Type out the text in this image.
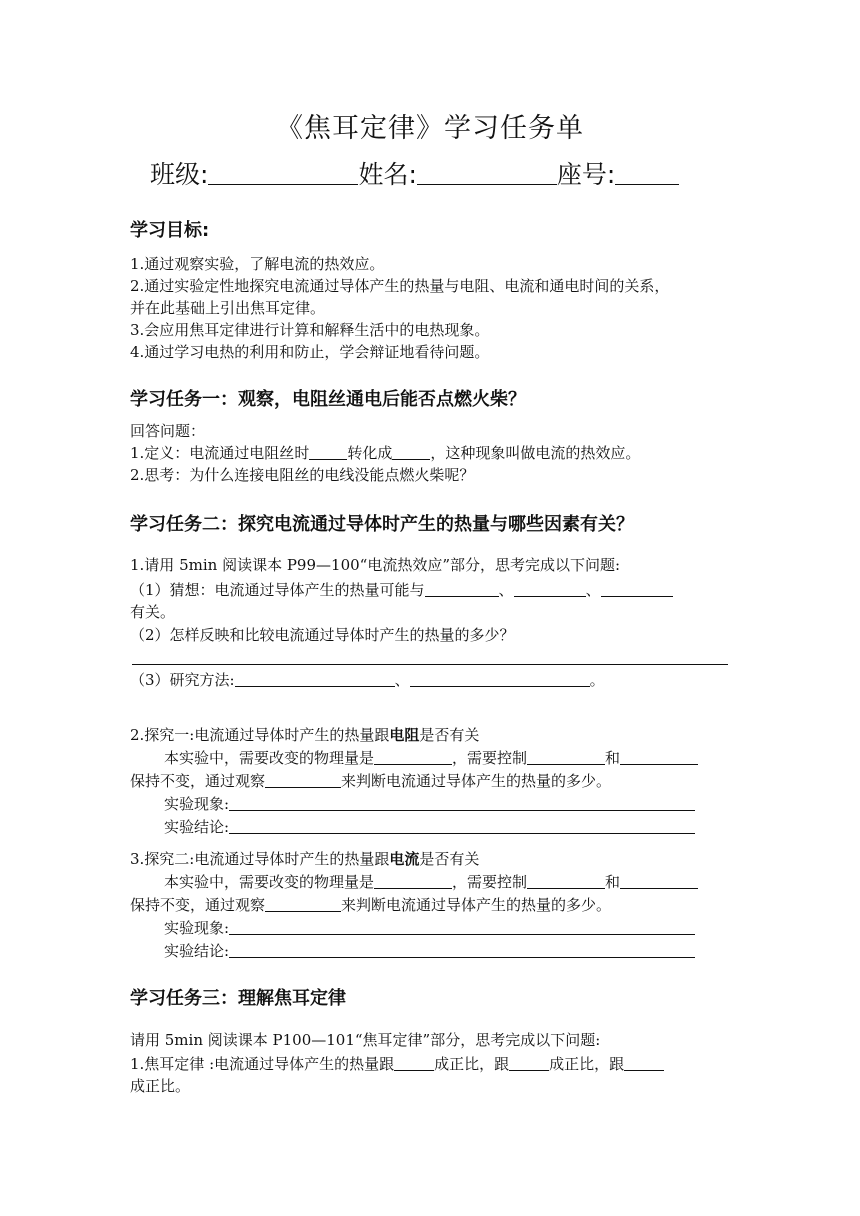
《焦耳定律》学习任务单
班级:	姓名:	座号:
学习目标:
1.通过观察实验，了解电流的热效应。
2.通过实验定性地探究电流通过导体产生的热量与电阻、电流和通电时间的关系，
并在此基础上引出焦耳定律。
3.会应用焦耳定律进行计算和解释生活中的电热现象。
4.通过学习电热的利用和防止，学会辩证地看待问题。
学习任务一：观察，电阻丝通电后能否点燃火柴？
回答问题：
1.定义：电流通过电阻丝时	转化成	，这种现象叫做电流的热效应。
2.思考：为什么连接电阻丝的电线没能点燃火柴呢？
学习任务二：探究电流通过导体时产生的热量与哪些因素有关？
1.请用 5min 阅读课本 P99—100“电流热效应”部分，思考完成以下问题:
（1）猜想：电流通过导体产生的热量可能与	、	、
有关。
（2）怎样反映和比较电流通过导体时产生的热量的多少？
（3）研究方法:	、	。
2.探究一:电流通过导体时产生的热量跟电阻是否有关
本实验中，需要改变的物理量是	，需要控制	和
保持不变，通过观察	来判断电流通过导体产生的热量的多少。
实验现象:
实验结论:
3.探究二:电流通过导体时产生的热量跟电流是否有关
本实验中，需要改变的物理量是	，需要控制	和
保持不变，通过观察	来判断电流通过导体产生的热量的多少。
实验现象:
实验结论:
学习任务三：理解焦耳定律
请用 5min 阅读课本 P100—101“焦耳定律”部分，思考完成以下问题:
1.焦耳定律 :电流通过导体产生的热量跟	成正比，跟	成正比，跟
成正比。
